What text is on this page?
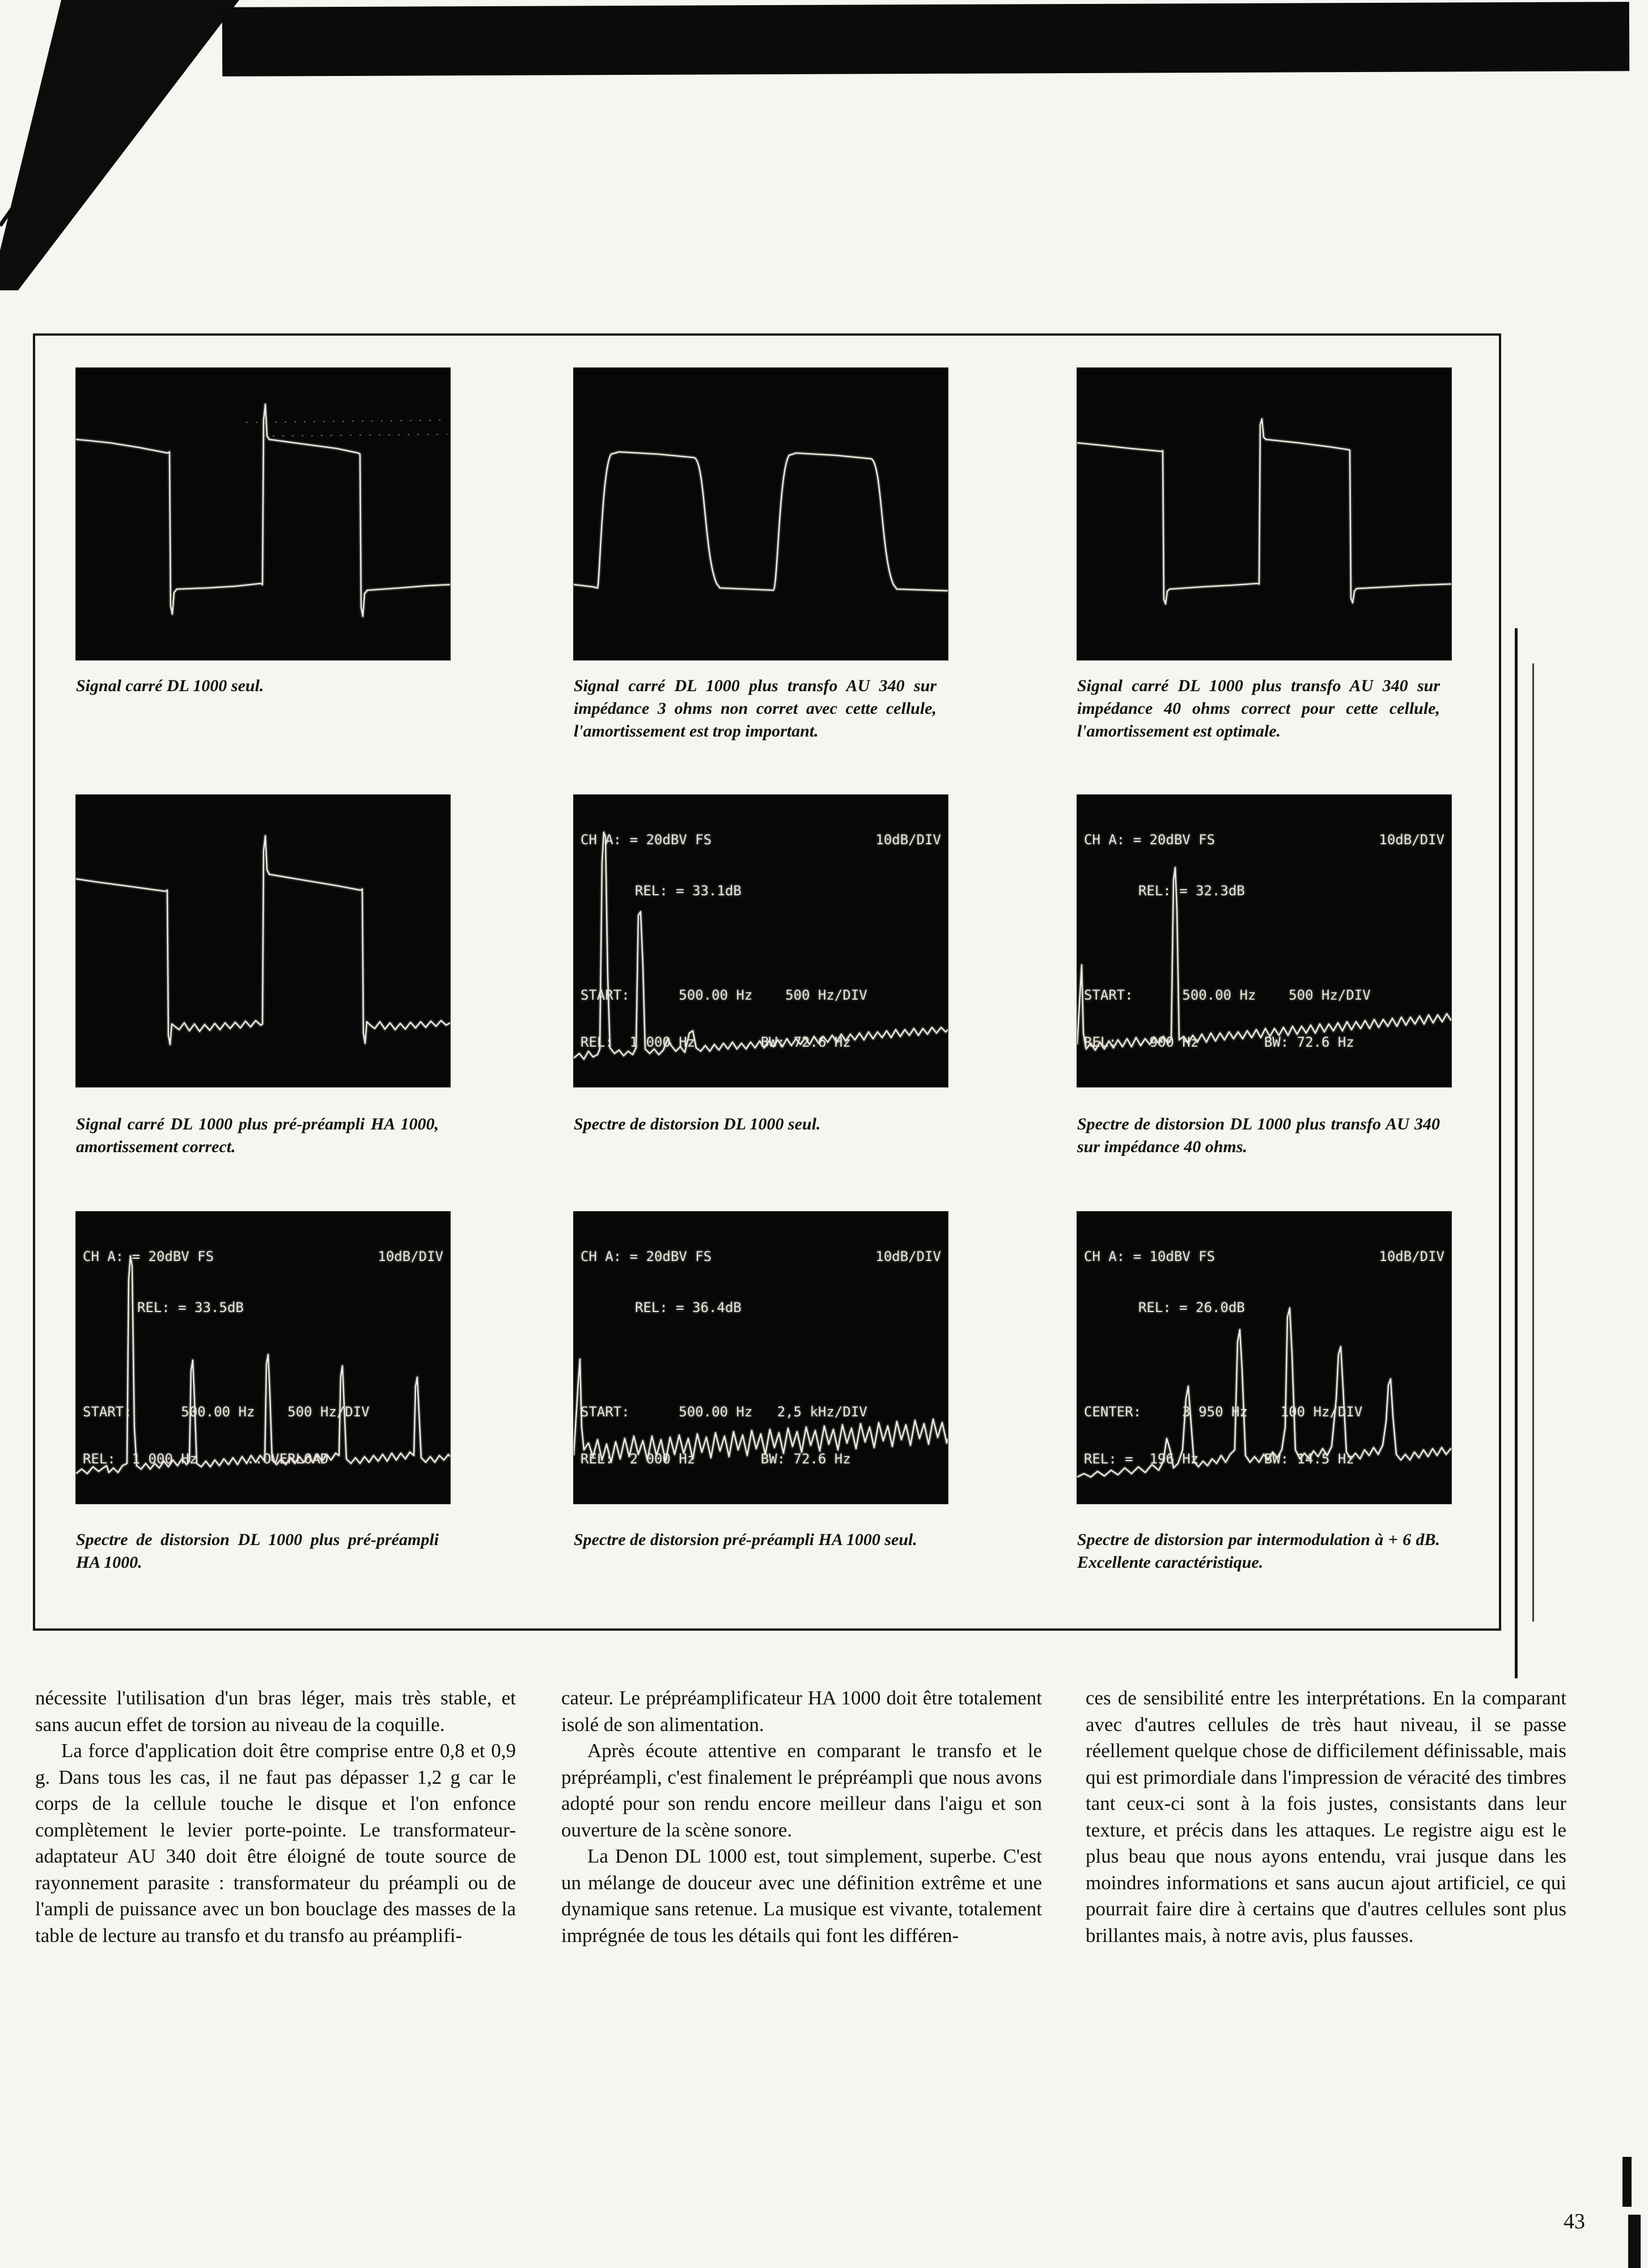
Signal carré DL 1000 seul.	Signal carré DL 1000 plus transfo AU 340 sur impédance 3 ohms non corret avec cette cellule, l'amortissement est trop important.
Signal carré DL 1000 plus transfo AU 340 sur impédance 40 ohms correct pour cette cellule, l'amortissement est optimale.
Signal carré DL 1000 plus pré-préampli HA 1000, amortissement correct.

CH A: = 20dBV FS	10dB/DIV

REL: = 33.1dB

START:      500.00 Hz    500 Hz/DIV

REL:  1 000 Hz        BW: 72.6 Hz

Spectre de distorsion DL 1000 seul.

CH A: = 20dBV FS	10dB/DIV

REL: = 32.3dB

START:      500.00 Hz    500 Hz/DIV

REL:    900 Hz        BW: 72.6 Hz

Spectre de distorsion DL 1000 plus transfo AU 340 sur impédance 40 ohms.

CH A: = 20dBV FS	10dB/DIV

REL: = 33.5dB

START:      500.00 Hz    500 Hz/DIV

REL:  1 000 Hz      ..OVERLOAD

Spectre de distorsion DL 1000 plus pré-préampli HA 1000.

CH A: = 20dBV FS	10dB/DIV

REL: = 36.4dB

START:      500.00 Hz   2,5 kHz/DIV

REL:  2 000 Hz        BW: 72.6 Hz

Spectre de distorsion pré-préampli HA 1000 seul.

CH A: = 10dBV FS	10dB/DIV

REL: = 26.0dB

CENTER:     3 950 Hz    100 Hz/DIV

REL: =  196 Hz        BW: 14.5 Hz

Spectre de distorsion par intermodulation à + 6 dB. Excellente caractéristique.

nécessite l'utilisation d'un bras léger, mais très stable, et sans aucun effet de torsion au niveau de la coquille.

La force d'application doit être comprise entre 0,8 et 0,9 g. Dans tous les cas, il ne faut pas dépasser 1,2 g car le corps de la cellule touche le disque et l'on enfonce complètement le levier porte-pointe. Le transformateur-adaptateur AU 340 doit être éloigné de toute source de rayonnement parasite : transformateur du préampli ou de l'ampli de puissance avec un bon bouclage des masses de la table de lecture au transfo et du transfo au préamplifi-

cateur. Le prépréamplificateur HA 1000 doit être totalement isolé de son alimentation.

Après écoute attentive en comparant le transfo et le prépréampli, c'est finalement le prépréampli que nous avons adopté pour son rendu encore meilleur dans l'aigu et son ouverture de la scène sonore.

La Denon DL 1000 est, tout simplement, superbe. C'est un mélange de douceur avec une définition extrême et une dynamique sans retenue. La musique est vivante, totalement imprégnée de tous les détails qui font les différen-

ces de sensibilité entre les interprétations. En la comparant avec d'autres cellules de très haut niveau, il se passe réellement quelque chose de difficilement définissable, mais qui est primordiale dans l'impression de véracité des timbres tant ceux-ci sont à la fois justes, consistants dans leur texture, et précis dans les attaques. Le registre aigu est le plus beau que nous ayons entendu, vrai jusque dans les moindres informations et sans aucun ajout artificiel, ce qui pourrait faire dire à certains que d'autres cellules sont plus brillantes mais, à notre avis, plus fausses.

43
